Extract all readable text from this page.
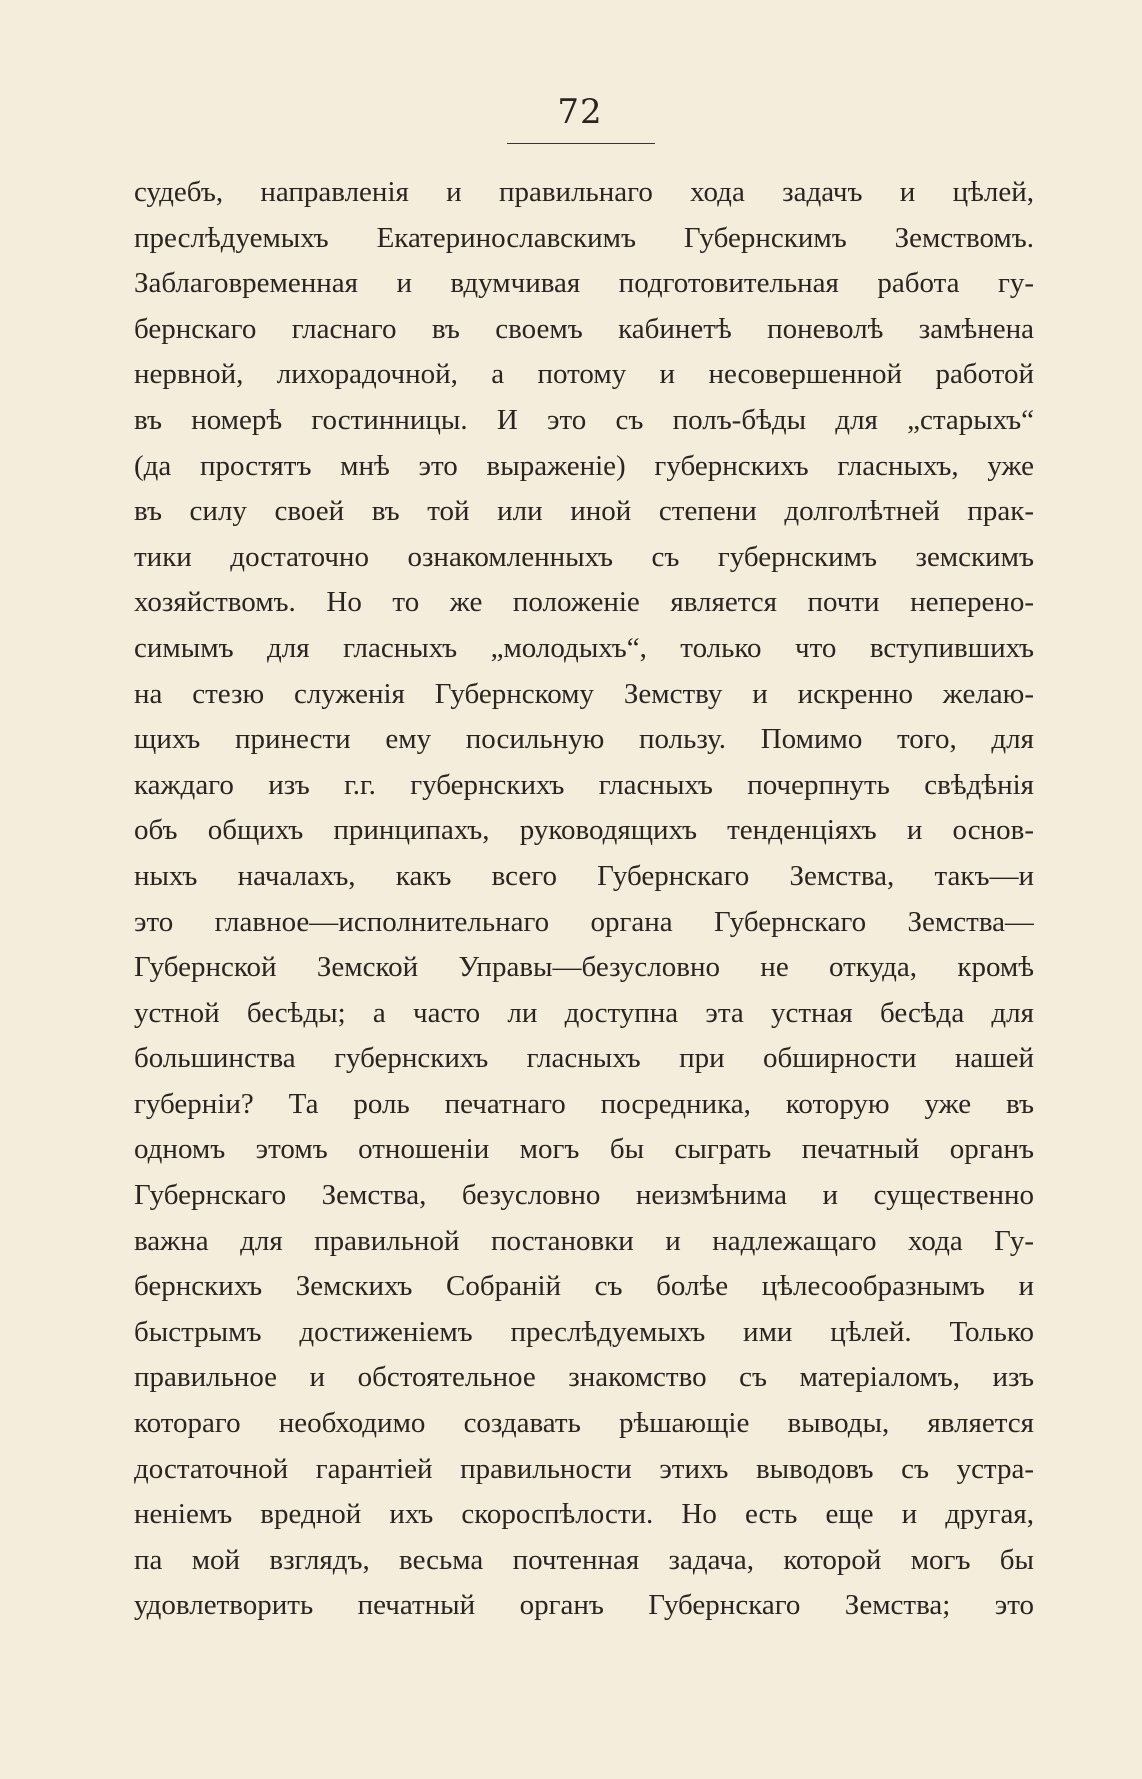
72
судебъ, направленія и правильнаго хода задачъ и цѣлей,
преслѣдуемыхъ Екатеринославскимъ Губернскимъ Земствомъ.
Заблаговременная и вдумчивая подготовительная работа гу-
бернскаго гласнаго въ своемъ кабинетѣ поневолѣ замѣнена
нервной, лихорадочной, а потому и несовершенной работой
въ номерѣ гостинницы. И это съ полъ-бѣды для „старыхъ“
(да простятъ мнѣ это выраженіе) губернскихъ гласныхъ, уже
въ силу своей въ той или иной степени долголѣтней прак-
тики достаточно ознакомленныхъ съ губернскимъ земскимъ
хозяйствомъ. Но то же положеніе является почти неперено-
симымъ для гласныхъ „молодыхъ“, только что вступившихъ
на стезю служенія Губернскому Земству и искренно желаю-
щихъ принести ему посильную пользу. Помимо того, для
каждаго изъ г.г. губернскихъ гласныхъ почерпнуть свѣдѣнія
объ общихъ принципахъ, руководящихъ тенденціяхъ и основ-
ныхъ началахъ, какъ всего Губернскаго Земства, такъ—и
это главное—исполнительнаго органа Губернскаго Земства—
Губернской Земской Управы—безусловно не откуда, кромѣ
устной бесѣды; а часто ли доступна эта устная бесѣда для
большинства губернскихъ гласныхъ при обширности нашей
губерніи? Та роль печатнаго посредника, которую уже въ
одномъ этомъ отношеніи могъ бы сыграть печатный органъ
Губернскаго Земства, безусловно неизмѣнима и существенно
важна для правильной постановки и надлежащаго хода Гу-
бернскихъ Земскихъ Собраній съ болѣе цѣлесообразнымъ и
быстрымъ достиженіемъ преслѣдуемыхъ ими цѣлей. Только
правильное и обстоятельное знакомство съ матеріаломъ, изъ
котораго необходимо создавать рѣшающіе выводы, является
достаточной гарантіей правильности этихъ выводовъ съ устра-
неніемъ вредной ихъ скороспѣлости. Но есть еще и другая,
па мой взглядъ, весьма почтенная задача, которой могъ бы
удовлетворить печатный органъ Губернскаго Земства; это
